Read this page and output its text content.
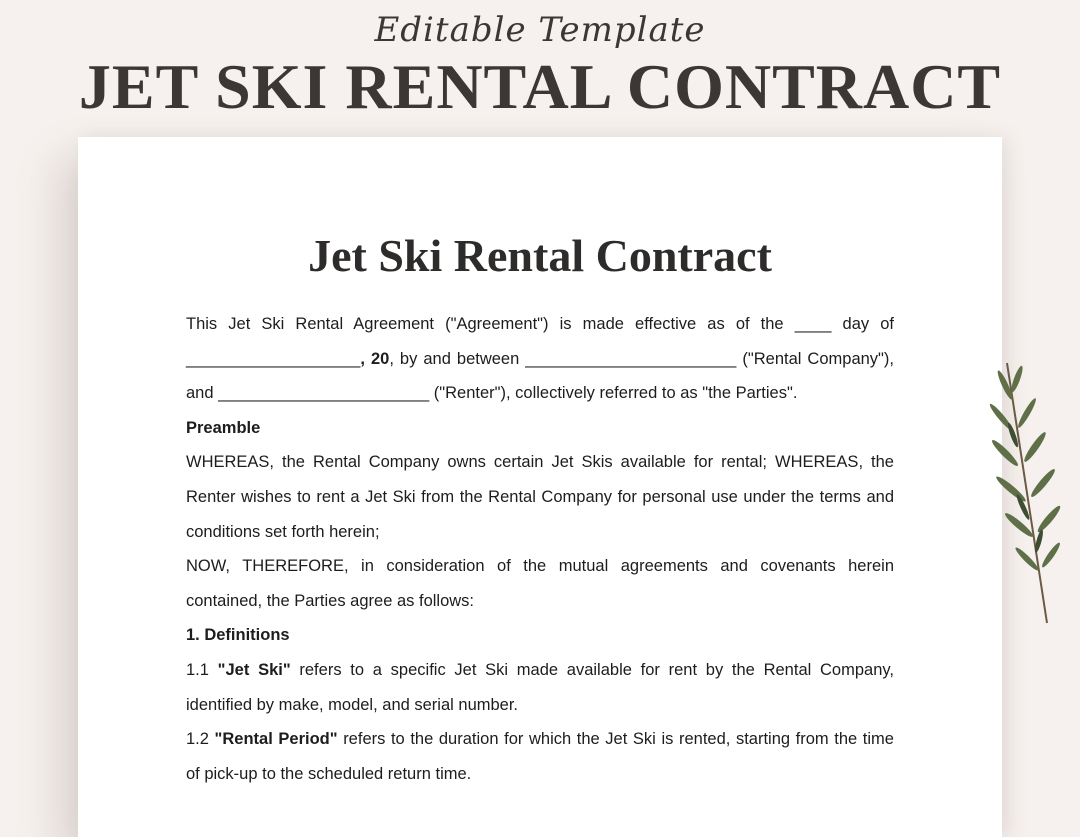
Editable Template
JET SKI RENTAL CONTRACT
Jet Ski Rental Contract

This Jet Ski Rental Agreement ("Agreement") is made effective as of the ____ day of ___________________, 20, by and between _______________________ ("Rental Company"), and _______________________ ("Renter"), collectively referred to as "the Parties".

Preamble

WHEREAS, the Rental Company owns certain Jet Skis available for rental; WHEREAS, the Renter wishes to rent a Jet Ski from the Rental Company for personal use under the terms and conditions set forth herein;

NOW, THEREFORE, in consideration of the mutual agreements and covenants herein contained, the Parties agree as follows:

1. Definitions

1.1 "Jet Ski" refers to a specific Jet Ski made available for rent by the Rental Company, identified by make, model, and serial number.

1.2 "Rental Period" refers to the duration for which the Jet Ski is rented, starting from the time of pick-up to the scheduled return time.
